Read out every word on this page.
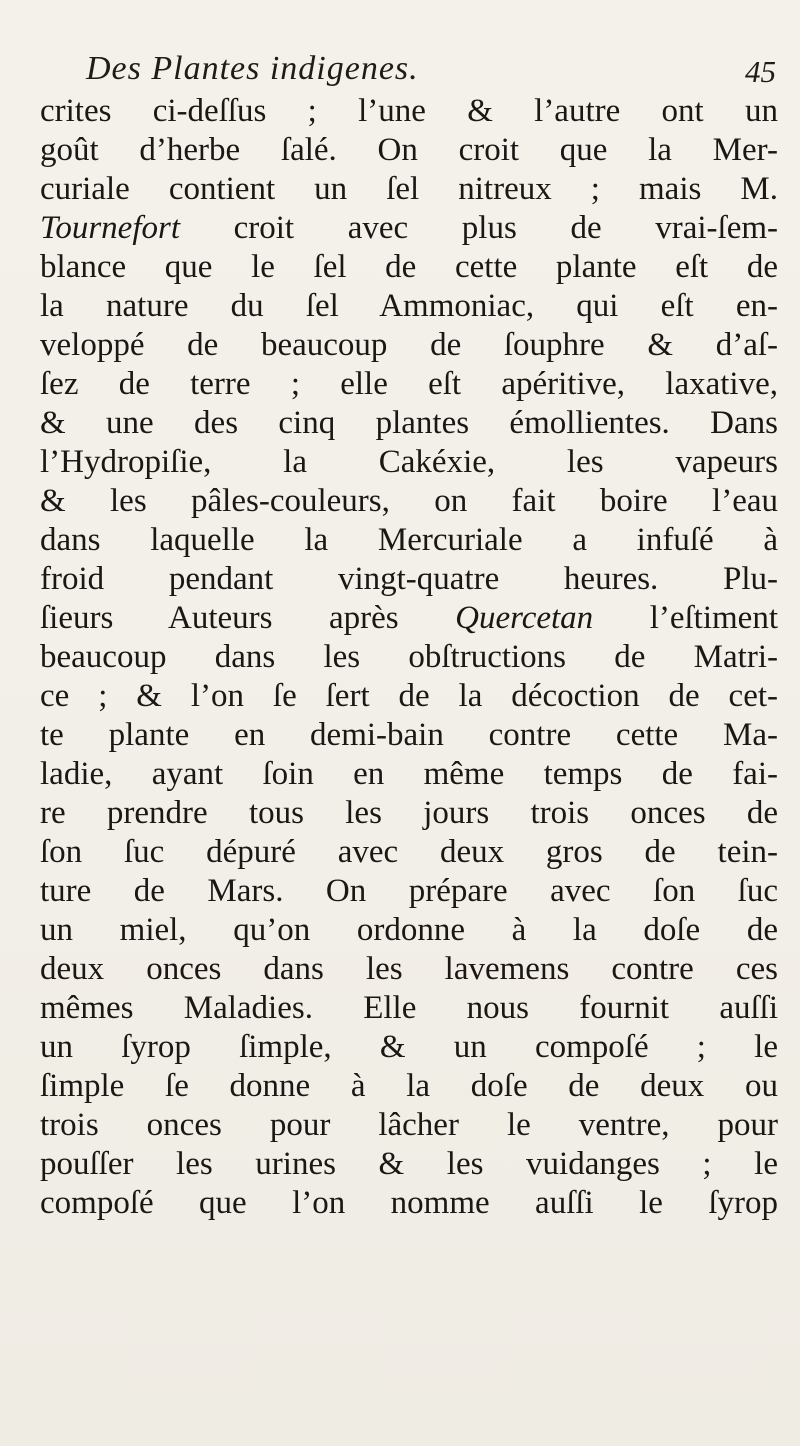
Des Plantes indigenes.	45
crites ci-deſſus ; l’une & l’autre ont un
goût d’herbe ſalé. On croit que la Mer-
curiale contient un ſel nitreux ; mais M.
Tournefort croit avec plus de vrai-ſem-
blance que le ſel de cette plante eſt de
la nature du ſel Ammoniac, qui eſt en-
veloppé de beaucoup de ſouphre & d’aſ-
ſez de terre ; elle eſt apéritive, laxative,
& une des cinq plantes émollientes. Dans
l’Hydropiſie, la Cakéxie, les vapeurs
& les pâles-couleurs, on fait boire l’eau
dans laquelle la Mercuriale a infuſé à
froid pendant vingt-quatre heures. Plu-
ſieurs Auteurs après Quercetan l’eſtiment
beaucoup dans les obſtructions de Matri-
ce ; & l’on ſe ſert de la décoction de cet-
te plante en demi-bain contre cette Ma-
ladie, ayant ſoin en même temps de fai-
re prendre tous les jours trois onces de
ſon ſuc dépuré avec deux gros de tein-
ture de Mars. On prépare avec ſon ſuc
un miel, qu’on ordonne à la doſe de
deux onces dans les lavemens contre ces
mêmes Maladies. Elle nous fournit auſſi
un ſyrop ſimple, & un compoſé ; le
ſimple ſe donne à la doſe de deux ou
trois onces pour lâcher le ventre, pour
pouſſer les urines & les vuidanges ; le
compoſé que l’on nomme auſſi le ſyrop
